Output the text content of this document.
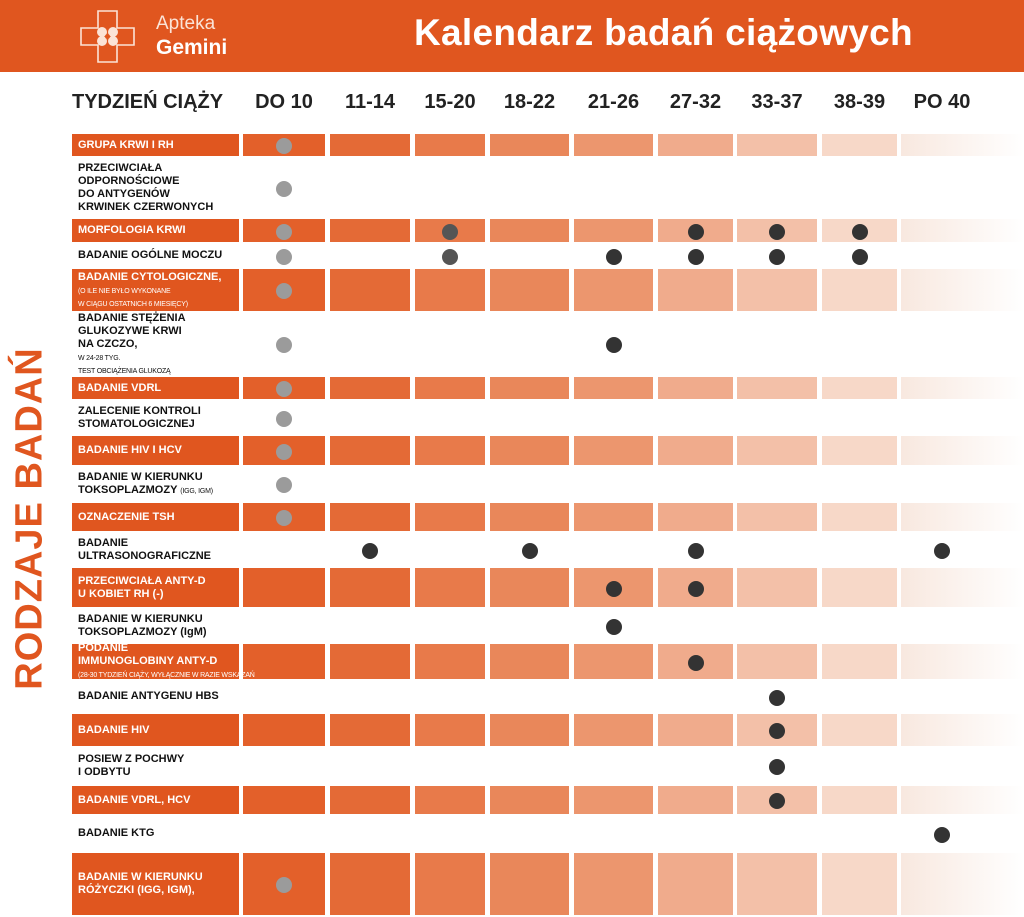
Apteka
Gemini	Kalendarz badań ciążowych
TYDZIEŃ CIĄŻY DO 10 11-14 15-20 18-22 21-26 27-32 33-37 38-39 PO 40
RODZAJE BADAŃ
GRUPA KRWI I RH
PRZECIWCIAŁA
ODPORNOŚCIOWE
DO ANTYGENÓW
KRWINEK CZERWONYCH
MORFOLOGIA KRWI
BADANIE OGÓLNE MOCZU
BADANIE CYTOLOGICZNE,
(O ILE NIE BYŁO WYKONANE
W CIĄGU OSTATNICH 6 MIESIĘCY)
BADANIE STĘŻENIA
GLUKOZYWE KRWI
NA CZCZO,
W 24-28 TYG.
TEST OBCIĄŻENIA GLUKOZĄ
BADANIE VDRL
ZALECENIE KONTROLI
STOMATOLOGICZNEJ
BADANIE HIV I HCV
BADANIE W KIERUNKU
TOKSOPLAZMOZY (IGG, IGM)
OZNACZENIE TSH
BADANIE
ULTRASONOGRAFICZNE
PRZECIWCIAŁA ANTY-D
U KOBIET RH (-)
BADANIE W KIERUNKU
TOKSOPLAZMOZY (IgM)
PODANIE
IMMUNOGLOBINY ANTY-D
(28-30 TYDZIEŃ CIĄŻY, WYŁĄCZNIE W RAZIE WSKAZAŃ
BADANIE ANTYGENU HBS
BADANIE HIV
POSIEW Z POCHWY
I ODBYTU
BADANIE VDRL, HCV
BADANIE KTG
BADANIE W KIERUNKU
RÓŻYCZKI (IGG, IGM),
